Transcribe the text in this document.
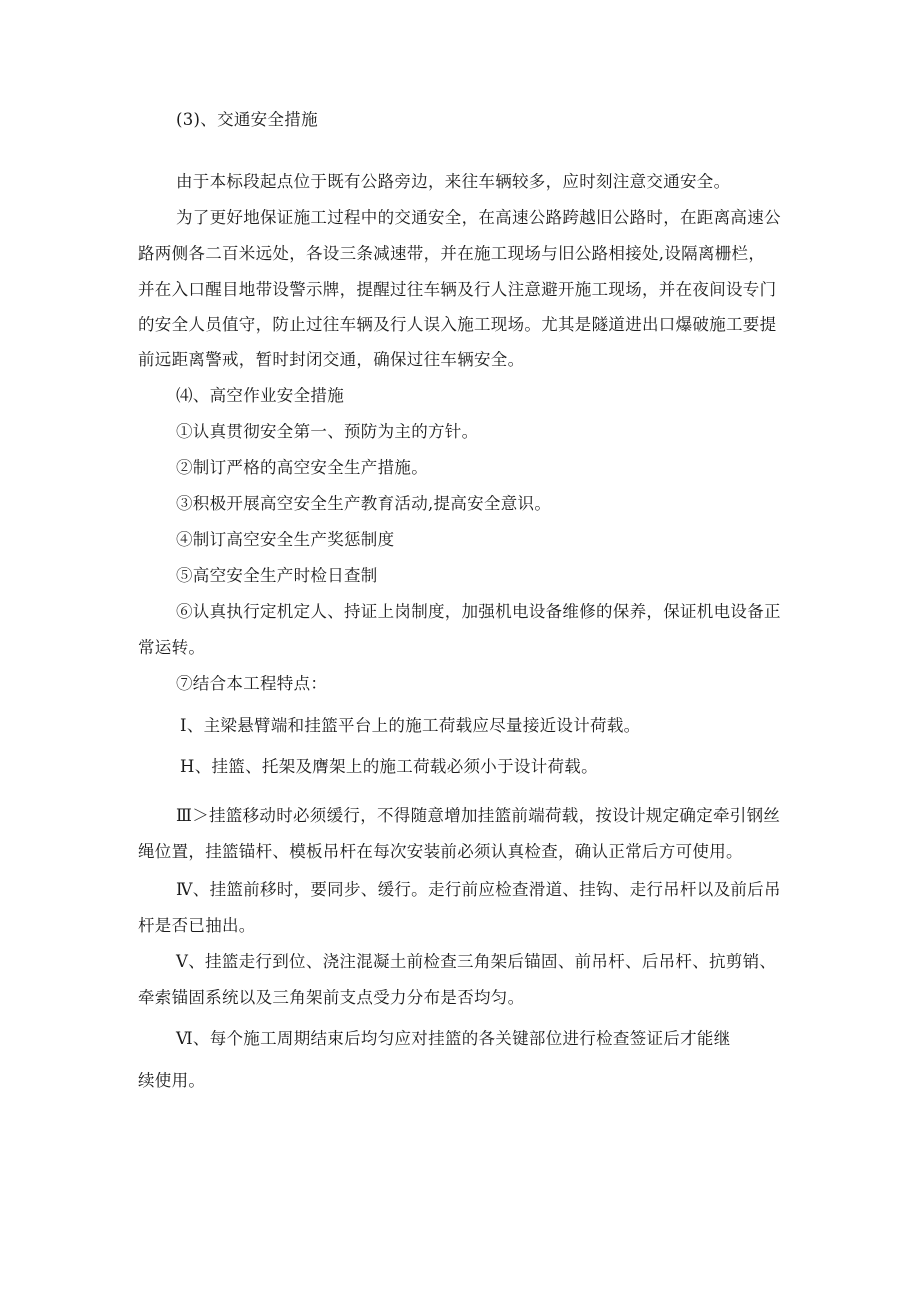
(3)、交通安全措施
由于本标段起点位于既有公路旁边，来往车辆较多，应时刻注意交通安全。
为了更好地保证施工过程中的交通安全，在高速公路跨越旧公路时，在距离高速公
路两侧各二百米远处，各设三条减速带，并在施工现场与旧公路相接处,设隔离栅栏，
并在入口醒目地带设警示牌，提醒过往车辆及行人注意避开施工现场，并在夜间设专门
的安全人员值守，防止过往车辆及行人误入施工现场。尤其是隧道进出口爆破施工要提
前远距离警戒，暂时封闭交通，确保过往车辆安全。
⑷、高空作业安全措施
①认真贯彻安全第一、预防为主的方针。
②制订严格的高空安全生产措施。
③积极开展高空安全生产教育活动,提高安全意识。
④制订高空安全生产奖惩制度
⑤高空安全生产时检日查制
⑥认真执行定机定人、持证上岗制度，加强机电设备维修的保养，保证机电设备正
常运转。
⑦结合本工程特点：
I、主梁悬臂端和挂篮平台上的施工荷载应尽量接近设计荷载。
H、挂篮、托架及膺架上的施工荷载必须小于设计荷载。
Ⅲ＞挂篮移动时必须缓行，不得随意增加挂篮前端荷载，按设计规定确定牵引钢丝
绳位置，挂篮锚杆、模板吊杆在每次安装前必须认真检查，确认正常后方可使用。
Ⅳ、挂篮前移时，要同步、缓行。走行前应检查滑道、挂钩、走行吊杆以及前后吊
杆是否已抽出。
Ⅴ、挂篮走行到位、浇注混凝土前检查三角架后锚固、前吊杆、后吊杆、抗剪销、
牵索锚固系统以及三角架前支点受力分布是否均匀。
Ⅵ、每个施工周期结束后均匀应对挂篮的各关键部位进行检查签证后才能继
续使用。
